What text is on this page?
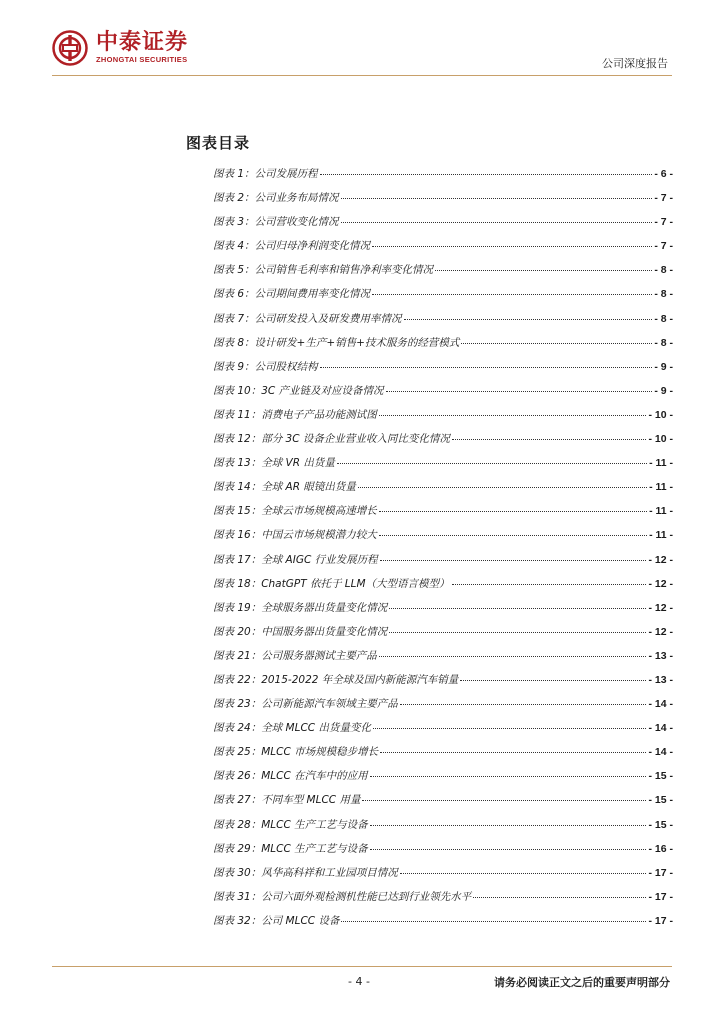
中泰证券
ZHONGTAI SECURITIES	公司深度报告
图表目录
图表 1：公司发展历程	- 6 -
图表 2：公司业务布局情况	- 7 -
图表 3：公司营收变化情况	- 7 -
图表 4：公司归母净利润变化情况	- 7 -
图表 5：公司销售毛利率和销售净利率变化情况	- 8 -
图表 6：公司期间费用率变化情况	- 8 -
图表 7：公司研发投入及研发费用率情况	- 8 -
图表 8：设计研发+生产+销售+技术服务的经营模式	- 8 -
图表 9：公司股权结构	- 9 -
图表 10：3C 产业链及对应设备情况	- 9 -
图表 11：消费电子产品功能测试图	- 10 -
图表 12：部分 3C 设备企业营业收入同比变化情况	- 10 -
图表 13：全球 VR 出货量	- 11 -
图表 14：全球 AR 眼镜出货量	- 11 -
图表 15：全球云市场规模高速增长	- 11 -
图表 16：中国云市场规模潜力较大	- 11 -
图表 17：全球 AIGC 行业发展历程	- 12 -
图表 18：ChatGPT 依托于 LLM（大型语言模型）	- 12 -
图表 19：全球服务器出货量变化情况	- 12 -
图表 20：中国服务器出货量变化情况	- 12 -
图表 21：公司服务器测试主要产品	- 13 -
图表 22：2015-2022 年全球及国内新能源汽车销量	- 13 -
图表 23：公司新能源汽车领域主要产品	- 14 -
图表 24：全球 MLCC 出货量变化	- 14 -
图表 25：MLCC 市场规模稳步增长	- 14 -
图表 26：MLCC 在汽车中的应用	- 15 -
图表 27：不同车型 MLCC 用量	- 15 -
图表 28：MLCC 生产工艺与设备	- 15 -
图表 29：MLCC 生产工艺与设备	- 16 -
图表 30：风华高科祥和工业园项目情况	- 17 -
图表 31：公司六面外观检测机性能已达到行业领先水平	- 17 -
图表 32：公司 MLCC 设备	- 17 -
- 4 -	请务必阅读正文之后的重要声明部分
